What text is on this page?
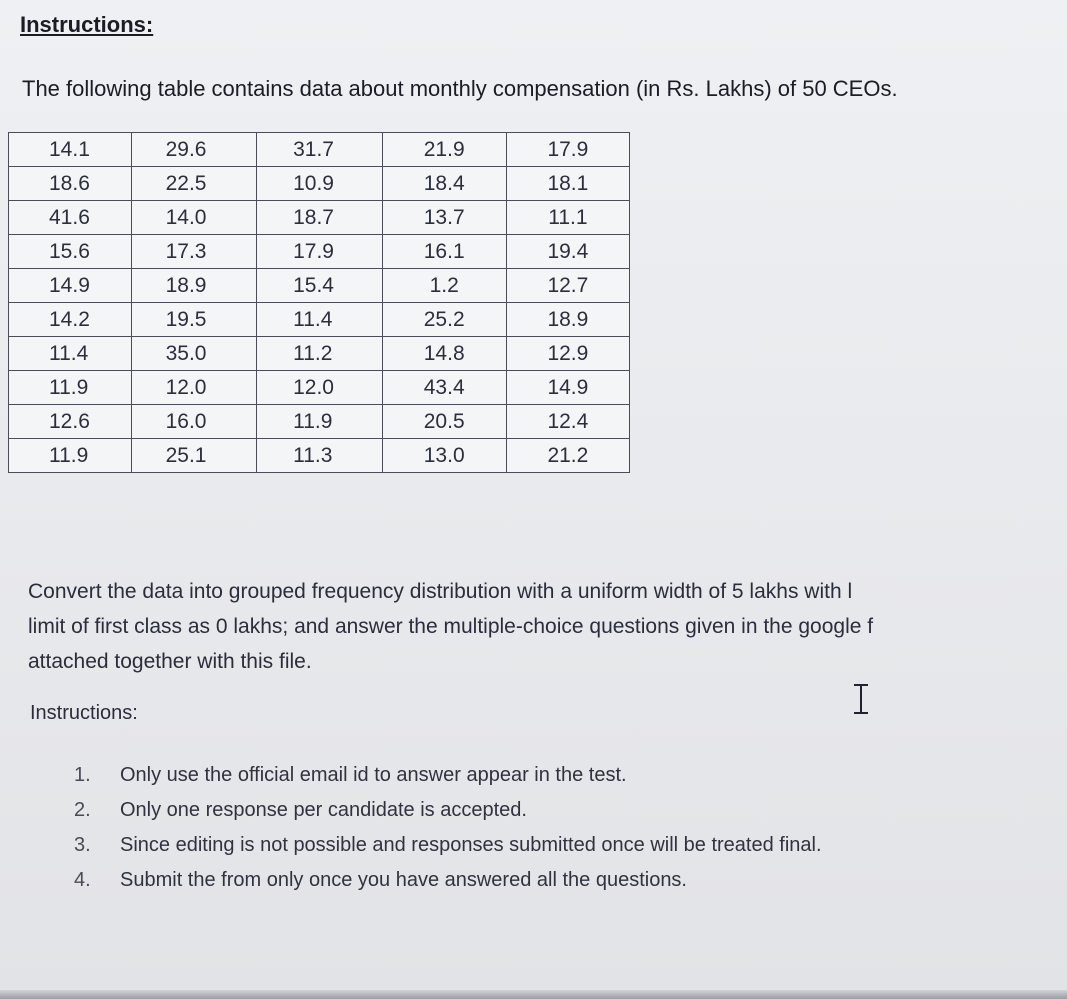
Instructions:
The following table contains data about monthly compensation (in Rs. Lakhs) of 50 CEOs.
14.1	29.6	31.7	21.9	17.9
18.6	22.5	10.9	18.4	18.1
41.6	14.0	18.7	13.7	11.1
15.6	17.3	17.9	16.1	19.4
14.9	18.9	15.4	1.2	12.7
14.2	19.5	11.4	25.2	18.9
11.4	35.0	11.2	14.8	12.9
11.9	12.0	12.0	43.4	14.9
12.6	16.0	11.9	20.5	12.4
11.9	25.1	11.3	13.0	21.2
Convert the data into grouped frequency distribution with a uniform width of 5 lakhs with l
limit of first class as 0 lakhs; and answer the multiple-choice questions given in the google f
attached together with this file.
Instructions:
1.	Only use the official email id to answer appear in the test.
2.	Only one response per candidate is accepted.
3.	Since editing is not possible and responses submitted once will be treated final.
4.	Submit the from only once you have answered all the questions.
